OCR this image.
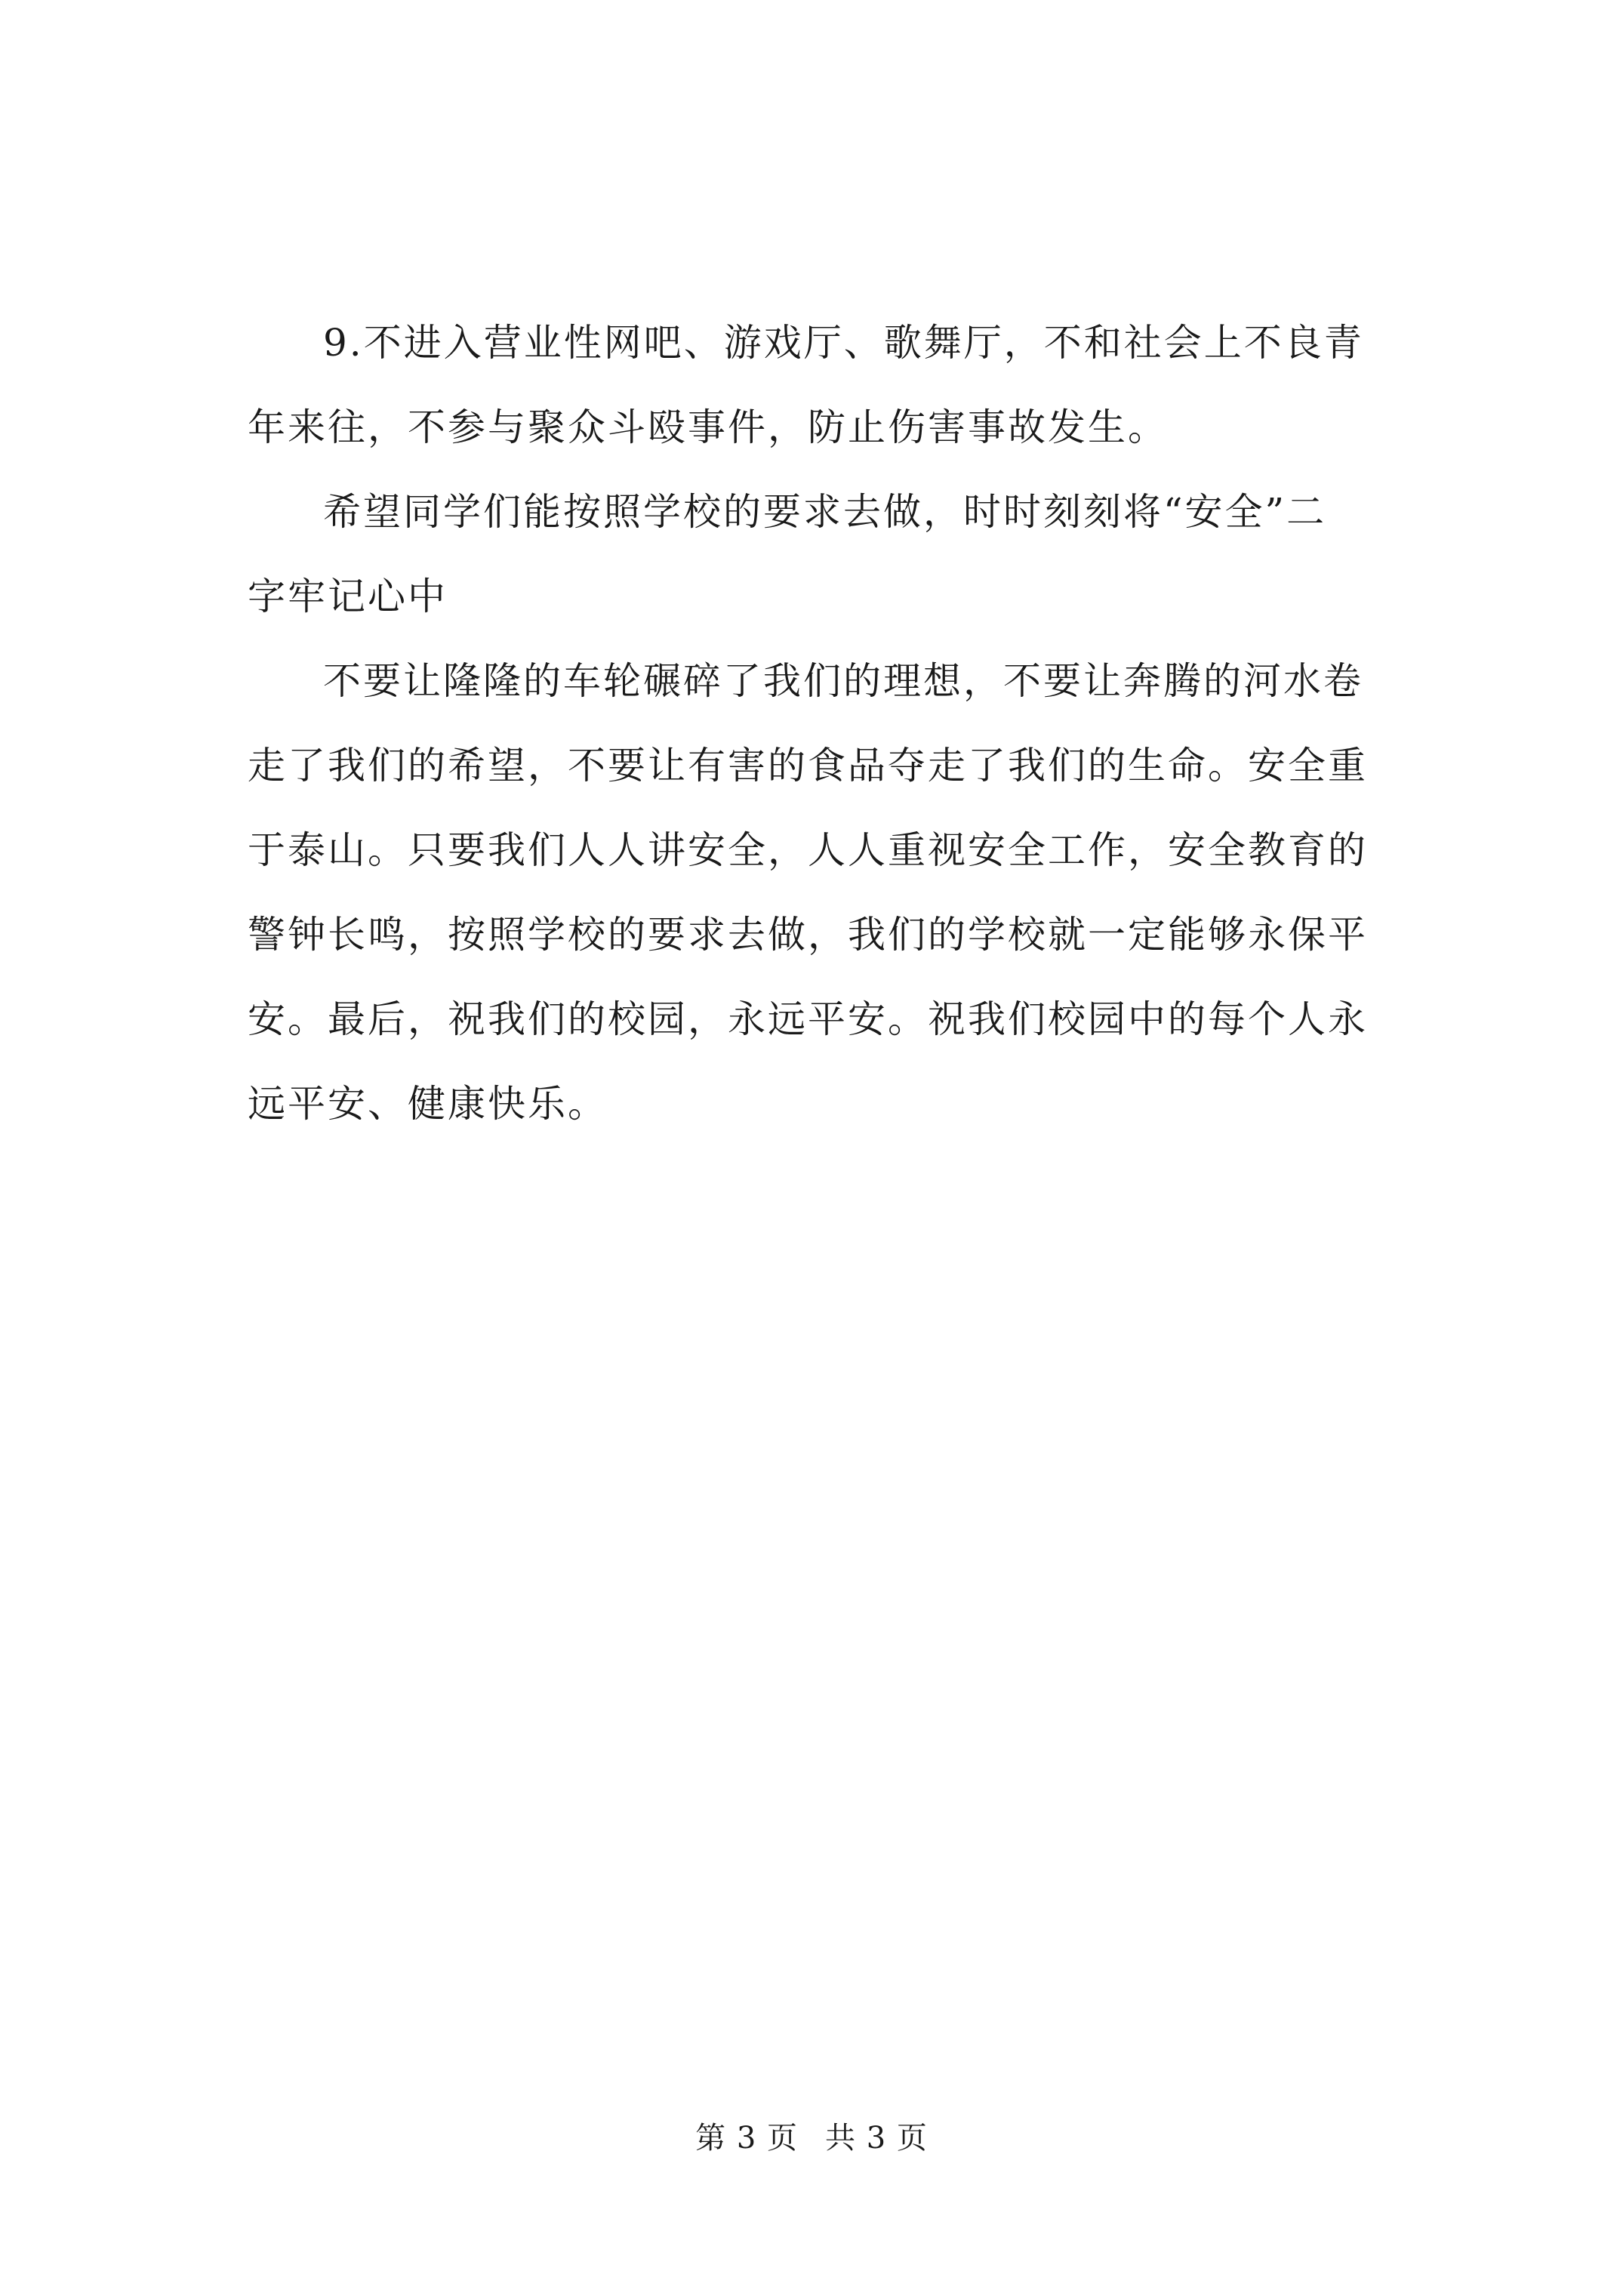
9.不进入营业性网吧、游戏厅、歌舞厅，不和社会上不良青
年来往，不参与聚众斗殴事件，防止伤害事故发生。

希望同学们能按照学校的要求去做，时时刻刻将“安全”二
字牢记心中

不要让隆隆的车轮碾碎了我们的理想，不要让奔腾的河水卷
走了我们的希望，不要让有害的食品夺走了我们的生命。安全重
于泰山。只要我们人人讲安全，人人重视安全工作，安全教育的
警钟长鸣，按照学校的要求去做，我们的学校就一定能够永保平
安。最后，祝我们的校园，永远平安。祝我们校园中的每个人永
远平安、健康快乐。

第 3 页 共 3 页
